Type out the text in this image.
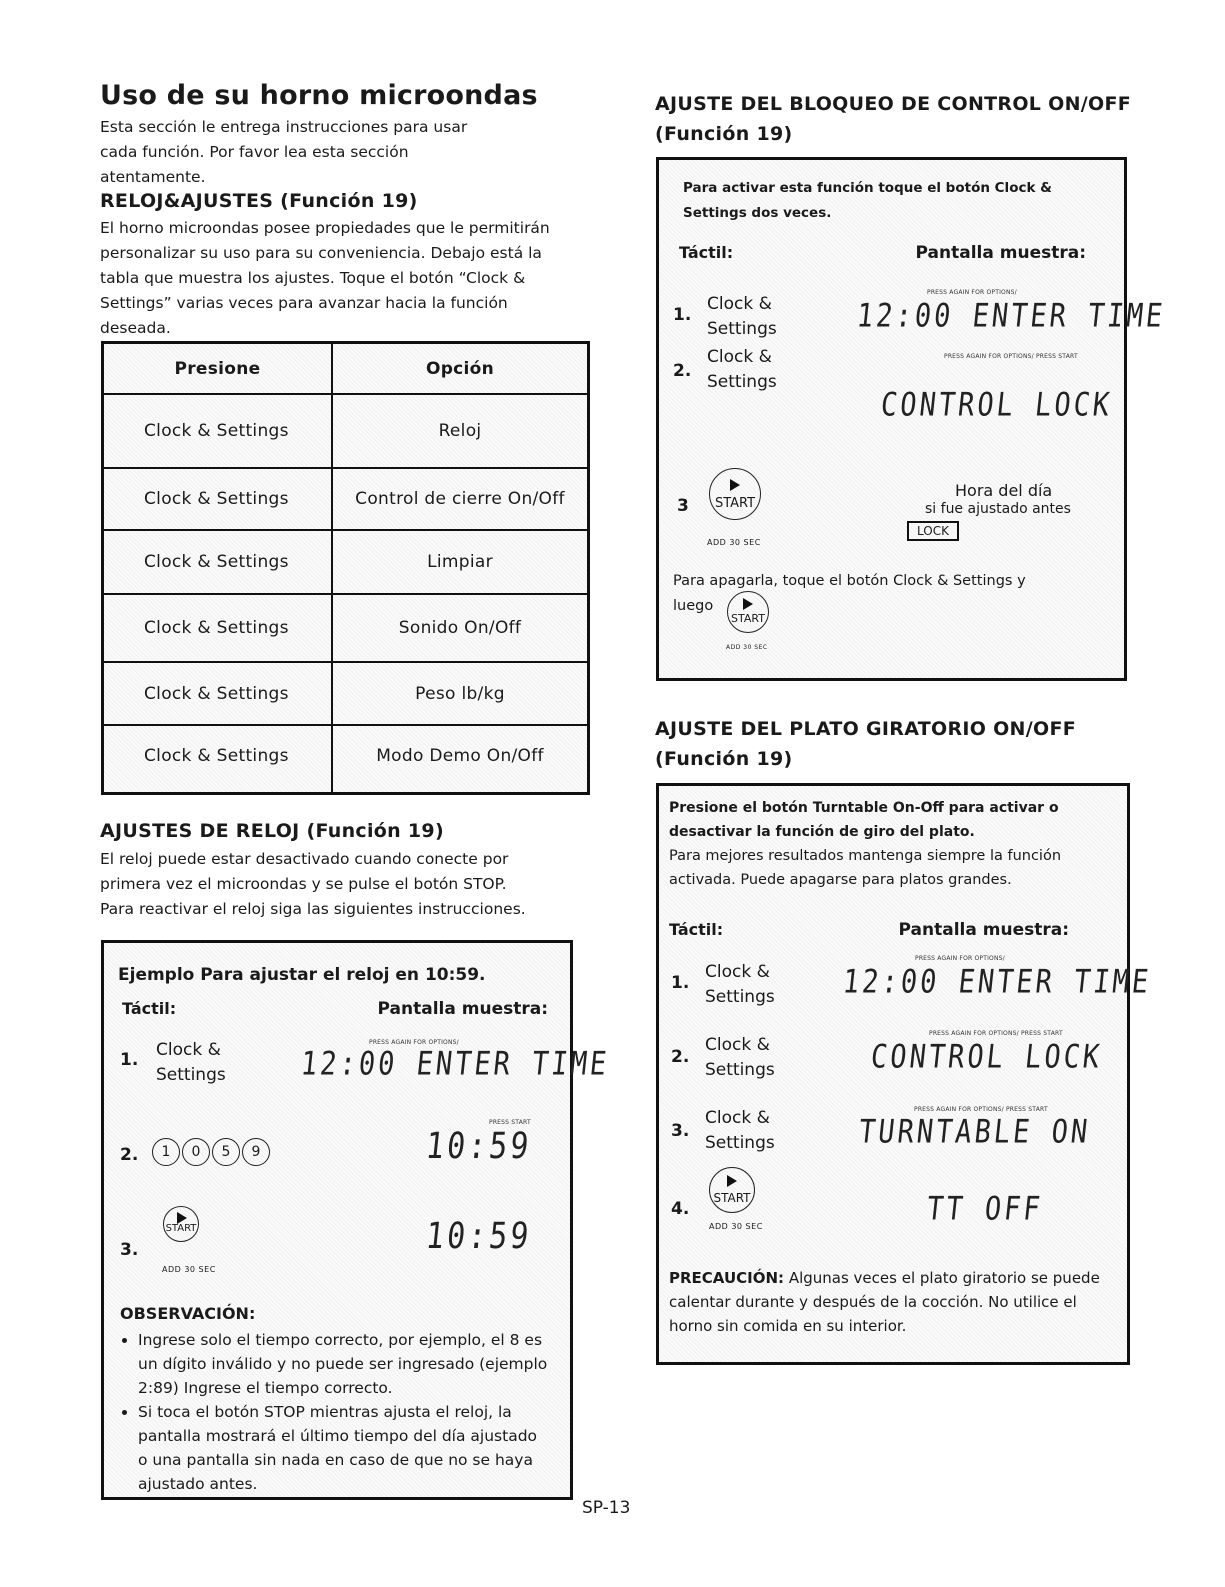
Uso de su horno microondas
Esta sección le entrega instrucciones para usar cada función. Por favor lea esta sección atentamente.
RELOJ&AJUSTES (Función 19)
El horno microondas posee propiedades que le permitirán personalizar su uso para su conveniencia. Debajo está la tabla que muestra los ajustes. Toque el botón “Clock & Settings” varias veces para avanzar hacia la función deseada.
Presione	Opción
Clock & Settings	Reloj
Clock & Settings	Control de cierre On/Off
Clock & Settings	Limpiar
Clock & Settings	Sonido On/Off
Clock & Settings	Peso lb/kg
Clock & Settings	Modo Demo On/Off
AJUSTES DE RELOJ (Función 19)
El reloj puede estar desactivado cuando conecte por primera vez el microondas y se pulse el botón STOP. Para reactivar el reloj siga las siguientes instrucciones.
Ejemplo Para ajustar el reloj en 10:59.
Táctil:	Pantalla muestra:
1. Clock &
Settings
PRESS AGAIN FOR OPTIONS/
12:00 ENTER TIME
2.	1 0 5 9
PRESS START
10:59
3.
START
ADD 30 SEC
10:59
OBSERVACIÓN:
• Ingrese solo el tiempo correcto, por ejemplo, el 8 es un dígito inválido y no puede ser ingresado (ejemplo 2:89) Ingrese el tiempo correcto.
• Si toca el botón STOP mientras ajusta el reloj, la pantalla mostrará el último tiempo del día ajustado o una pantalla sin nada en caso de que no se haya ajustado antes.
AJUSTE DEL BLOQUEO DE CONTROL ON/OFF
(Función 19)
Para activar esta función toque el botón Clock & Settings dos veces.
Táctil:	Pantalla muestra:
1.
Clock &
Settings
PRESS AGAIN FOR OPTIONS/
12:00 ENTER TIME
2.
Clock &
Settings
PRESS AGAIN FOR OPTIONS/ PRESS START
CONTROL LOCK
3	START
ADD 30 SEC
Hora del día
si fue ajustado antes
LOCK
Para apagarla, toque el botón Clock & Settings y
luego
START
ADD 30 SEC
AJUSTE DEL PLATO GIRATORIO ON/OFF
(Función 19)
Presione el botón Turntable On-Off para activar o desactivar la función de giro del plato.
Para mejores resultados mantenga siempre la función activada. Puede apagarse para platos grandes.
Táctil:	Pantalla muestra:
1.
Clock &
Settings
PRESS AGAIN FOR OPTIONS/
12:00 ENTER TIME
2.
Clock &
Settings
PRESS AGAIN FOR OPTIONS/ PRESS START
CONTROL LOCK
3.
Clock &
Settings
PRESS AGAIN FOR OPTIONS/ PRESS START
TURNTABLE ON
4.
START
ADD 30 SEC	TT OFF
PRECAUCIÓN: Algunas veces el plato giratorio se puede calentar durante y después de la cocción. No utilice el horno sin comida en su interior.
SP-13
